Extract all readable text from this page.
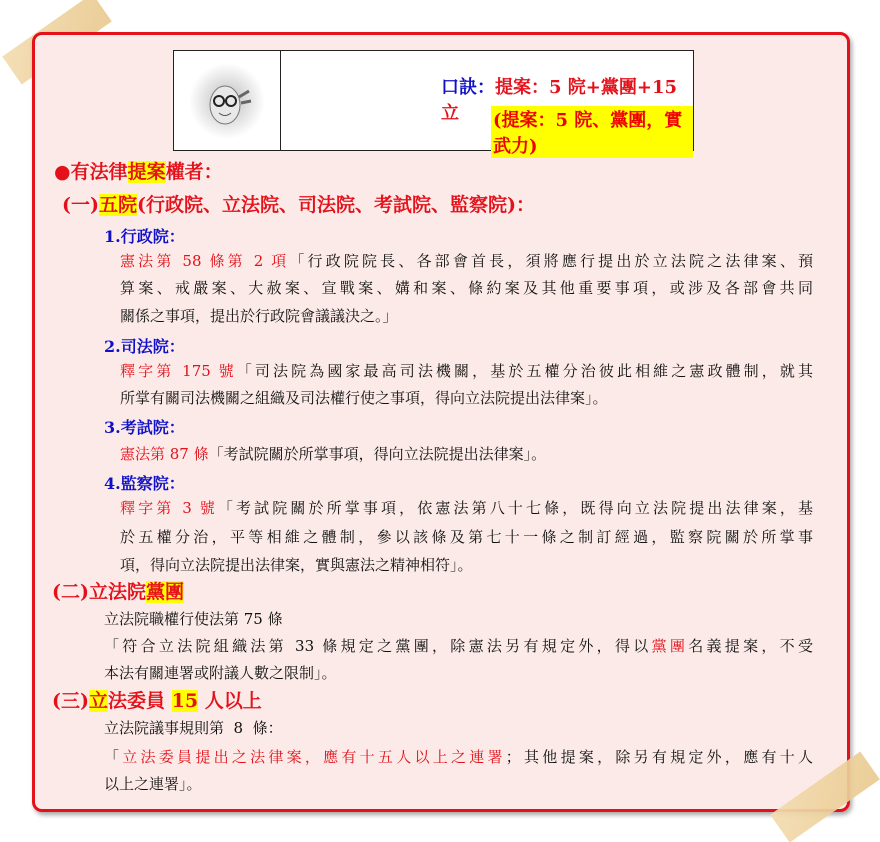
口訣：提案：5 院+黨團+15 立	(提案：5 院、黨團，實武力)
●有法律提案權者：
(一)五院(行政院、立法院、司法院、考試院、監察院)：
1.行政院：
憲法第 58 條第 2 項「行政院院長、各部會首長，須將應行提出於立法院之法律案、預
算案、戒嚴案、大赦案、宣戰案、媾和案、條約案及其他重要事項，或涉及各部會共同
關係之事項，提出於行政院會議議決之。」
2.司法院：
釋字第 175 號「司法院為國家最高司法機關，基於五權分治彼此相維之憲政體制，就其
所掌有關司法機關之組織及司法權行使之事項，得向立法院提出法律案」。
3.考試院：
憲法第 87 條「考試院關於所掌事項，得向立法院提出法律案」。
4.監察院：
釋字第 3 號「考試院關於所掌事項，依憲法第八十七條，既得向立法院提出法律案，基
於五權分治，平等相維之體制，參以該條及第七十一條之制訂經過，監察院關於所掌事
項，得向立法院提出法律案，實與憲法之精神相符」。
(二)立法院黨團
立法院職權行使法第 75 條
「符合立法院組織法第 33 條規定之黨團，除憲法另有規定外，得以黨團名義提案，不受
本法有關連署或附議人數之限制」。
(三)立法委員 15 人以上
立法院議事規則第  8  條：
「立法委員提出之法律案，應有十五人以上之連署；其他提案，除另有規定外，應有十人
以上之連署」。
